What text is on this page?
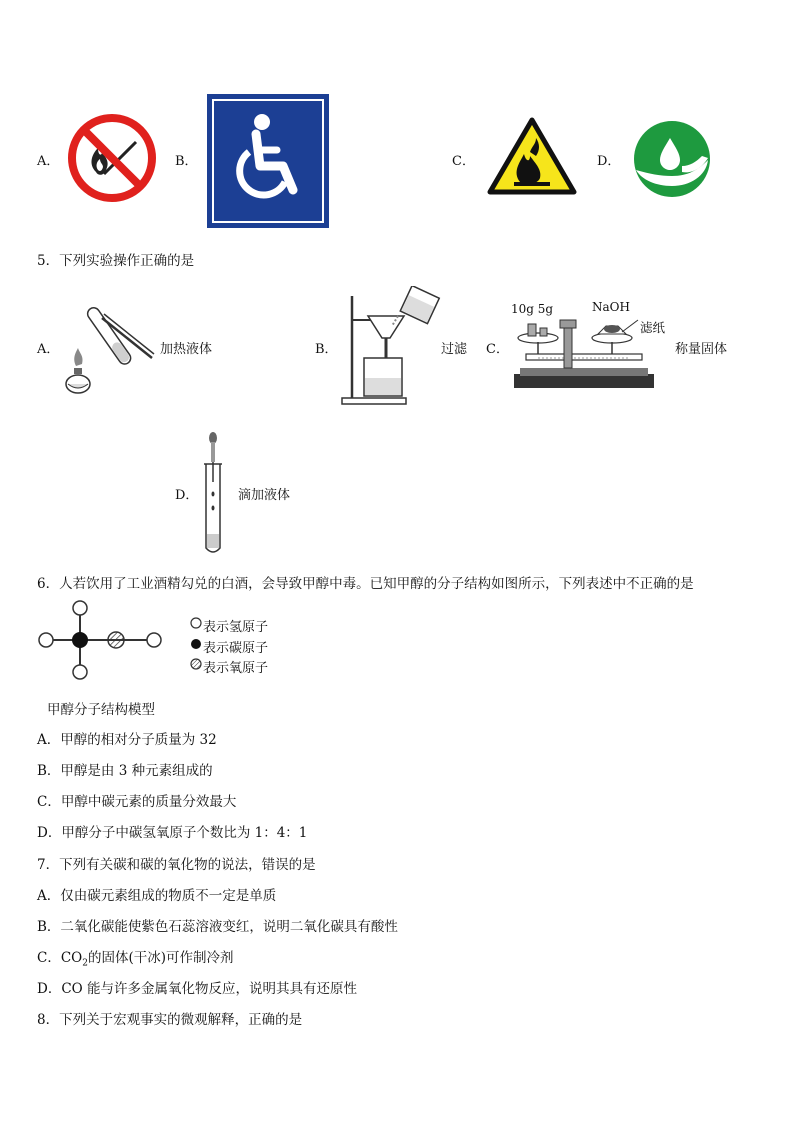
A．	B．	C．	D．
5．下列实验操作正确的是
A．	加热液体	B．	过滤 C．
10g 5g	NaOH
滤纸
称量固体
D．	滴加液体
6．人若饮用了工业酒精勾兑的白酒，会导致甲醇中毒。已知甲醇的分子结构如图所示，下列表述中不正确的是
表示氢原子
表示碳原子
表示氧原子
甲醇分子结构模型
A．甲醇的相对分子质量为 32
B．甲醇是由 3 种元素组成的
C．甲醇中碳元素的质量分效最大
D．甲醇分子中碳氢氧原子个数比为 1：4：1
7．下列有关碳和碳的氧化物的说法，错误的是
A．仅由碳元素组成的物质不一定是单质
B．二氧化碳能使紫色石蕊溶液变红，说明二氧化碳具有酸性
C．$CO_2$的固体(干冰)可作制冷剂
D．CO 能与许多金属氧化物反应，说明其具有还原性
8．下列关于宏观事实的微观解释，正确的是
